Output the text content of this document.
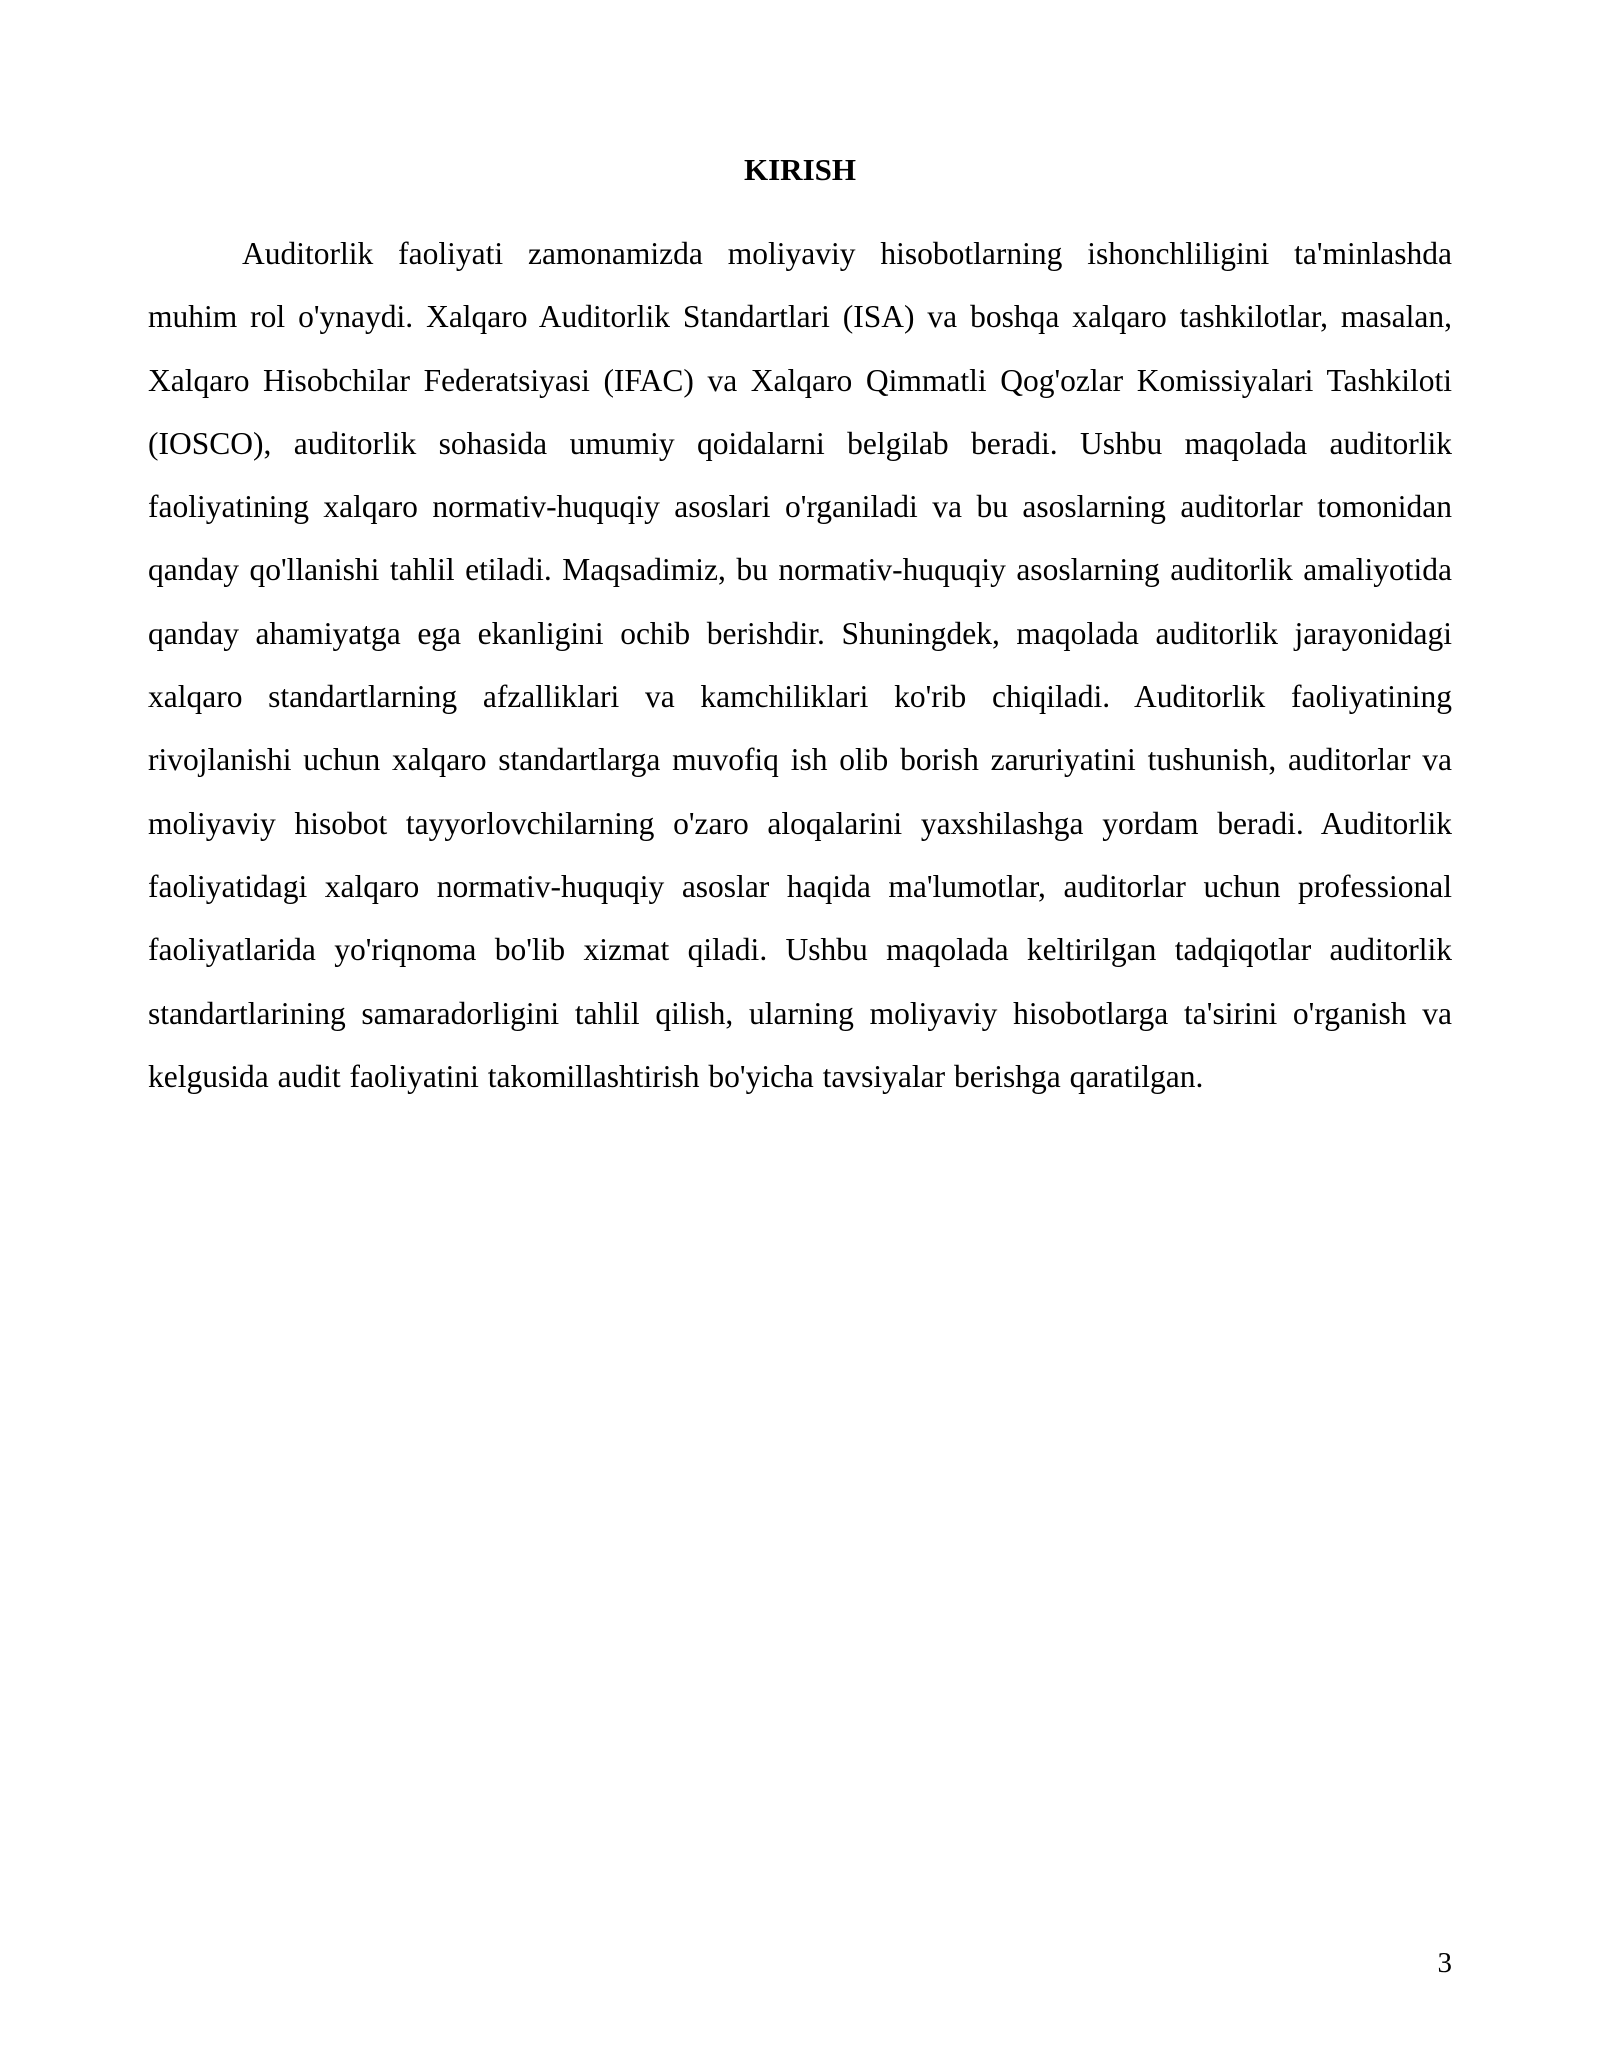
KIRISH

Auditorlik faoliyati zamonamizda moliyaviy hisobotlarning ishonchliligini ta'minlashda muhim rol o'ynaydi. Xalqaro Auditorlik Standartlari (ISA) va boshqa xalqaro tashkilotlar, masalan, Xalqaro Hisobchilar Federatsiyasi (IFAC) va Xalqaro Qimmatli Qog'ozlar Komissiyalari Tashkiloti (IOSCO), auditorlik sohasida umumiy qoidalarni belgilab beradi. Ushbu maqolada auditorlik faoliyatining xalqaro normativ-huquqiy asoslari o'rganiladi va bu asoslarning auditorlar tomonidan qanday qo'llanishi tahlil etiladi. Maqsadimiz, bu normativ-huquqiy asoslarning auditorlik amaliyotida qanday ahamiyatga ega ekanligini ochib berishdir. Shuningdek, maqolada auditorlik jarayonidagi xalqaro standartlarning afzalliklari va kamchiliklari ko'rib chiqiladi. Auditorlik faoliyatining rivojlanishi uchun xalqaro standartlarga muvofiq ish olib borish zaruriyatini tushunish, auditorlar va moliyaviy hisobot tayyorlovchilarning o'zaro aloqalarini yaxshilashga yordam beradi. Auditorlik faoliyatidagi xalqaro normativ-huquqiy asoslar haqida ma'lumotlar, auditorlar uchun professional faoliyatlarida yo'riqnoma bo'lib xizmat qiladi. Ushbu maqolada keltirilgan tadqiqotlar auditorlik standartlarining samaradorligini tahlil qilish, ularning moliyaviy hisobotlarga ta'sirini o'rganish va kelgusida audit faoliyatini takomillashtirish bo'yicha tavsiyalar berishga qaratilgan.

3
